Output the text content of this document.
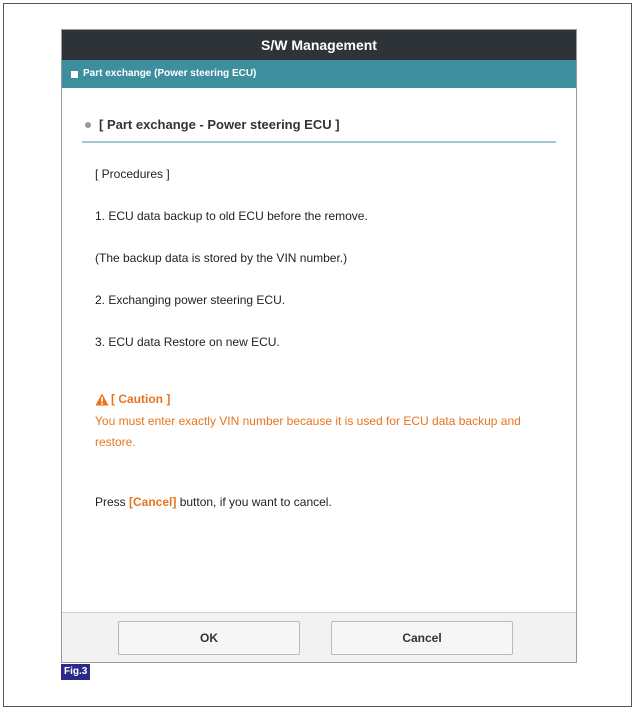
S/W Management
Part exchange (Power steering ECU)
[ Part exchange - Power steering ECU ]
[ Procedures ]
1. ECU data backup to old ECU before the remove.
(The backup data is stored by the VIN number.)
2. Exchanging power steering ECU.
3. ECU data Restore on new ECU.
[ Caution ]
You must enter exactly VIN number because it is used for ECU data backup and restore.
Press [Cancel] button, if you want to cancel.
OK	Cancel
Fig.3
